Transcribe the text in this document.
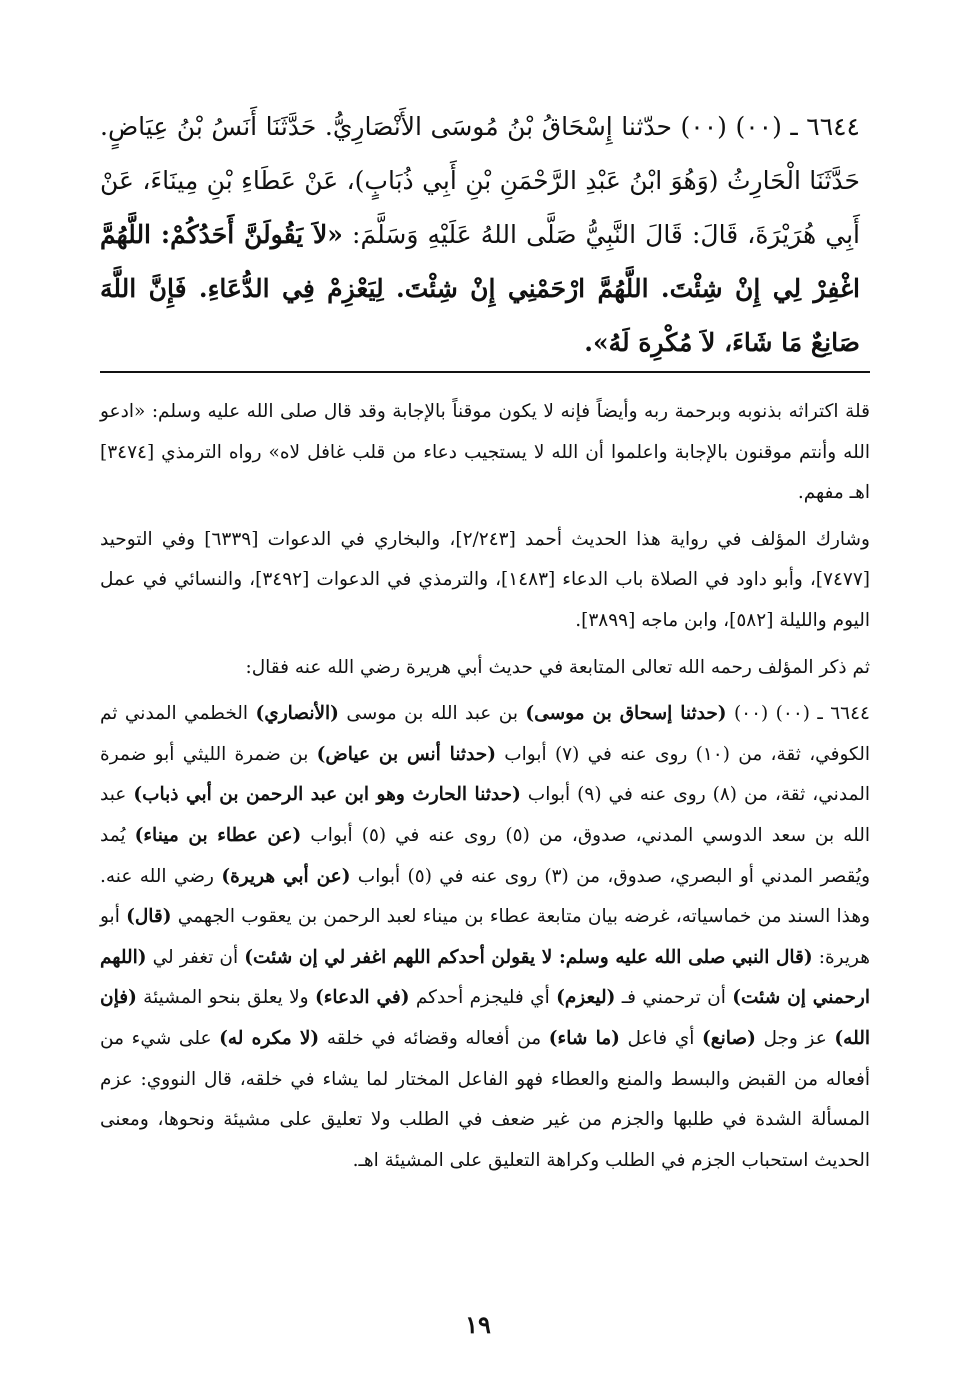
٦٦٤٤ ـ (٠٠) (٠٠) حدّثنا إِسْحَاقُ بْنُ مُوسَى الأَنْصَارِيُّ. حَدَّثَنَا أَنَسُ بْنُ عِيَاضٍ. حَدَّثَنَا الْحَارِثُ (وَهُوَ ابْنُ عَبْدِ الرَّحْمَنِ بْنِ أَبِي ذُبَابٍ)، عَنْ عَطَاءِ بْنِ مِينَاءَ، عَنْ أَبِي هُرَيْرَةَ، قَالَ: قَالَ النَّبِيُّ صَلَّى اللهُ عَلَيْهِ وَسَلَّمَ: «لاَ يَقُولَنَّ أَحَدُكُمْ: اللَّهُمَّ اغْفِرْ لِي إِنْ شِئْتَ. اللَّهُمَّ ارْحَمْنِي إِنْ شِئْتَ. لِيَعْزِمْ فِي الدُّعَاءِ. فَإِنَّ اللَّهَ صَانِعٌ مَا شَاءَ، لاَ مُكْرِهَ لَهُ».

قلة اكتراثه بذنوبه وبرحمة ربه وأيضاً فإنه لا يكون موقناً بالإجابة وقد قال صلى الله عليه وسلم: «ادعو الله وأنتم موقنون بالإجابة واعلموا أن الله لا يستجيب دعاء من قلب غافل لاه» رواه الترمذي [٣٤٧٤] اهـ مفهم.

وشارك المؤلف في رواية هذا الحديث أحمد [٢/٢٤٣]، والبخاري في الدعوات [٦٣٣٩] وفي التوحيد [٧٤٧٧]، وأبو داود في الصلاة باب الدعاء [١٤٨٣]، والترمذي في الدعوات [٣٤٩٢]، والنسائي في عمل اليوم والليلة [٥٨٢]، وابن ماجه [٣٨٩٩].

ثم ذكر المؤلف رحمه الله تعالى المتابعة في حديث أبي هريرة رضي الله عنه فقال:

٦٦٤٤ ـ (٠٠) (٠٠) (حدثنا إسحاق بن موسى) بن عبد الله بن موسى (الأنصاري) الخطمي المدني ثم الكوفي، ثقة، من (١٠) روى عنه في (٧) أبواب (حدثنا أنس بن عياض) بن ضمرة الليثي أبو ضمرة المدني، ثقة، من (٨) روى عنه في (٩) أبواب (حدثنا الحارث وهو ابن عبد الرحمن بن أبي ذباب) عبد الله بن سعد الدوسي المدني، صدوق، من (٥) روى عنه في (٥) أبواب (عن عطاء بن ميناء) يُمد ويُقصر المدني أو البصري، صدوق، من (٣) روى عنه في (٥) أبواب (عن أبي هريرة) رضي الله عنه. وهذا السند من خماسياته، غرضه بيان متابعة عطاء بن ميناء لعبد الرحمن بن يعقوب الجهمي (قال) أبو هريرة: (قال النبي صلى الله عليه وسلم: لا يقولن أحدكم اللهم اغفر لي إن شئت) أن تغفر لي (اللهم ارحمني إن شئت) أن ترحمني فـ (ليعزم) أي فليجزم أحدكم (في الدعاء) ولا يعلق بنحو المشيئة (فإن الله) عز وجل (صانع) أي فاعل (ما شاء) من أفعاله وقضائه في خلقه (لا مكره له) على شيء من أفعاله من القبض والبسط والمنع والعطاء فهو الفاعل المختار لما يشاء في خلقه، قال النووي: عزم المسألة الشدة في طلبها والجزم من غير ضعف في الطلب ولا تعليق على مشيئة ونحوها، ومعنى الحديث استحباب الجزم في الطلب وكراهة التعليق على المشيئة اهـ.

١٩
